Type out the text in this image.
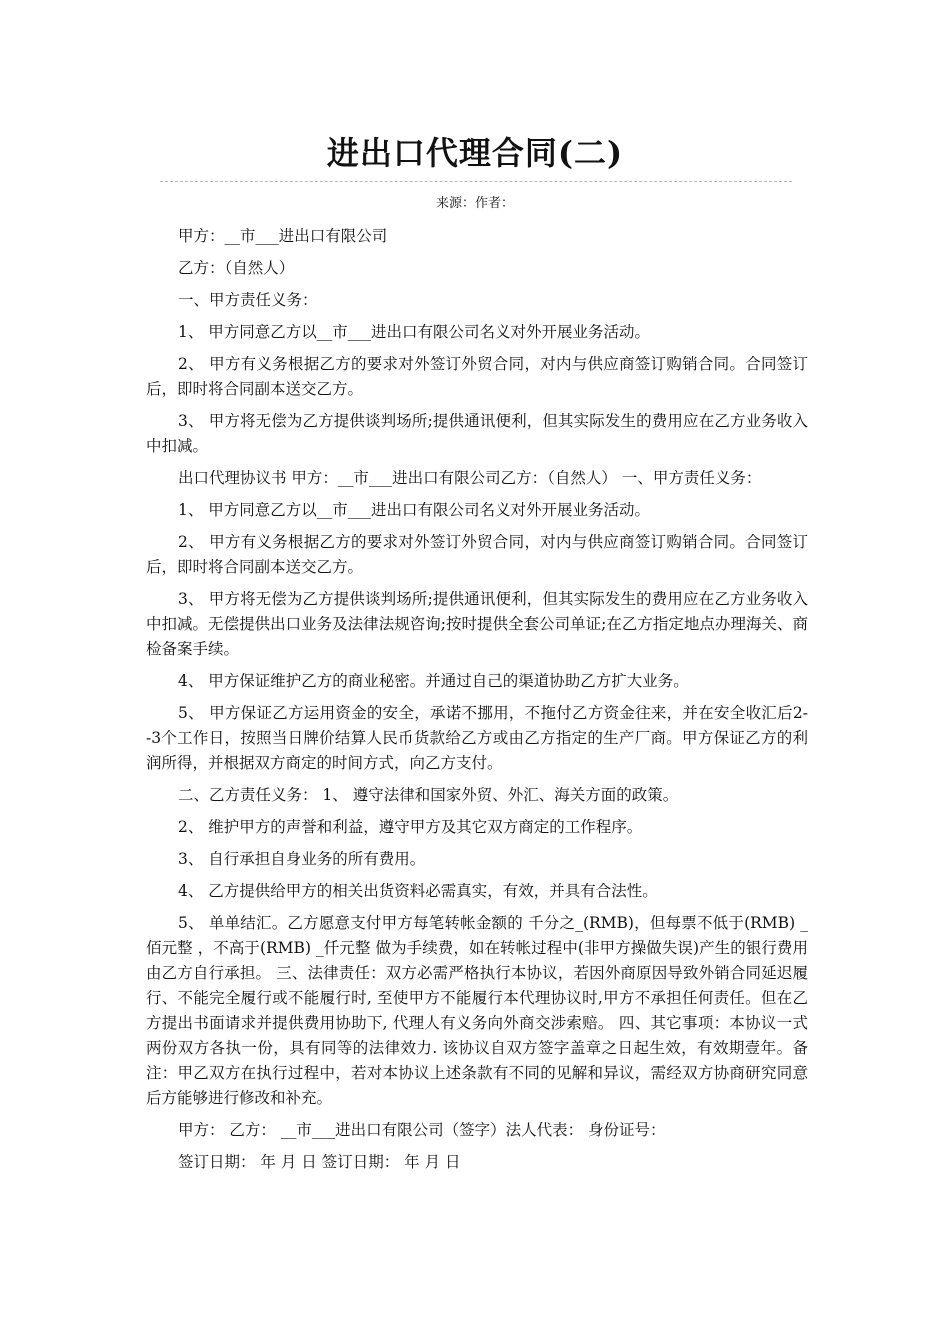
进出口代理合同(二)

来源：作者：

甲方：__市___进出口有限公司

乙方：（自然人）

一、甲方责任义务：

1、 甲方同意乙方以__市___进出口有限公司名义对外开展业务活动。

2、 甲方有义务根据乙方的要求对外签订外贸合同，对内与供应商签订购销合同。合同签订后，即时将合同副本送交乙方。

3、 甲方将无偿为乙方提供谈判场所;提供通讯便利，但其实际发生的费用应在乙方业务收入中扣减。

出口代理协议书 甲方：__市___进出口有限公司乙方：（自然人） 一、甲方责任义务：

1、 甲方同意乙方以__市___进出口有限公司名义对外开展业务活动。

2、 甲方有义务根据乙方的要求对外签订外贸合同，对内与供应商签订购销合同。合同签订后，即时将合同副本送交乙方。

3、 甲方将无偿为乙方提供谈判场所;提供通讯便利，但其实际发生的费用应在乙方业务收入中扣减。无偿提供出口业务及法律法规咨询;按时提供全套公司单证;在乙方指定地点办理海关、商检备案手续。

4、 甲方保证维护乙方的商业秘密。并通过自己的渠道协助乙方扩大业务。

5、 甲方保证乙方运用资金的安全，承诺不挪用，不拖付乙方资金往来，并在安全收汇后2--3个工作日，按照当日牌价结算人民币货款给乙方或由乙方指定的生产厂商。甲方保证乙方的利润所得，并根据双方商定的时间方式，向乙方支付。

二、乙方责任义务： 1、 遵守法律和国家外贸、外汇、海关方面的政策。

2、 维护甲方的声誉和利益，遵守甲方及其它双方商定的工作程序。

3、 自行承担自身业务的所有费用。

4、 乙方提供给甲方的相关出货资料必需真实，有效，并具有合法性。

5、 单单结汇。乙方愿意支付甲方每笔转帐金额的 千分之_(RMB)，但每票不低于(RMB) _佰元整 ，不高于(RMB) _仟元整 做为手续费，如在转帐过程中(非甲方操做失误)产生的银行费用由乙方自行承担。 三、法律责任：双方必需严格执行本协议，若因外商原因导致外销合同延迟履行、不能完全履行或不能履行时, 至使甲方不能履行本代理协议时,甲方不承担任何责任。但在乙方提出书面请求并提供费用协助下, 代理人有义务向外商交涉索赔。 四、其它事项：本协议一式两份双方各执一份，具有同等的法律效力. 该协议自双方签字盖章之日起生效，有效期壹年。备注：甲乙双方在执行过程中，若对本协议上述条款有不同的见解和异议，需经双方协商研究同意后方能够进行修改和补充。

甲方： 乙方： __市___进出口有限公司（签字）法人代表： 身份证号：

签订日期： 年 月 日 签订日期： 年 月 日
